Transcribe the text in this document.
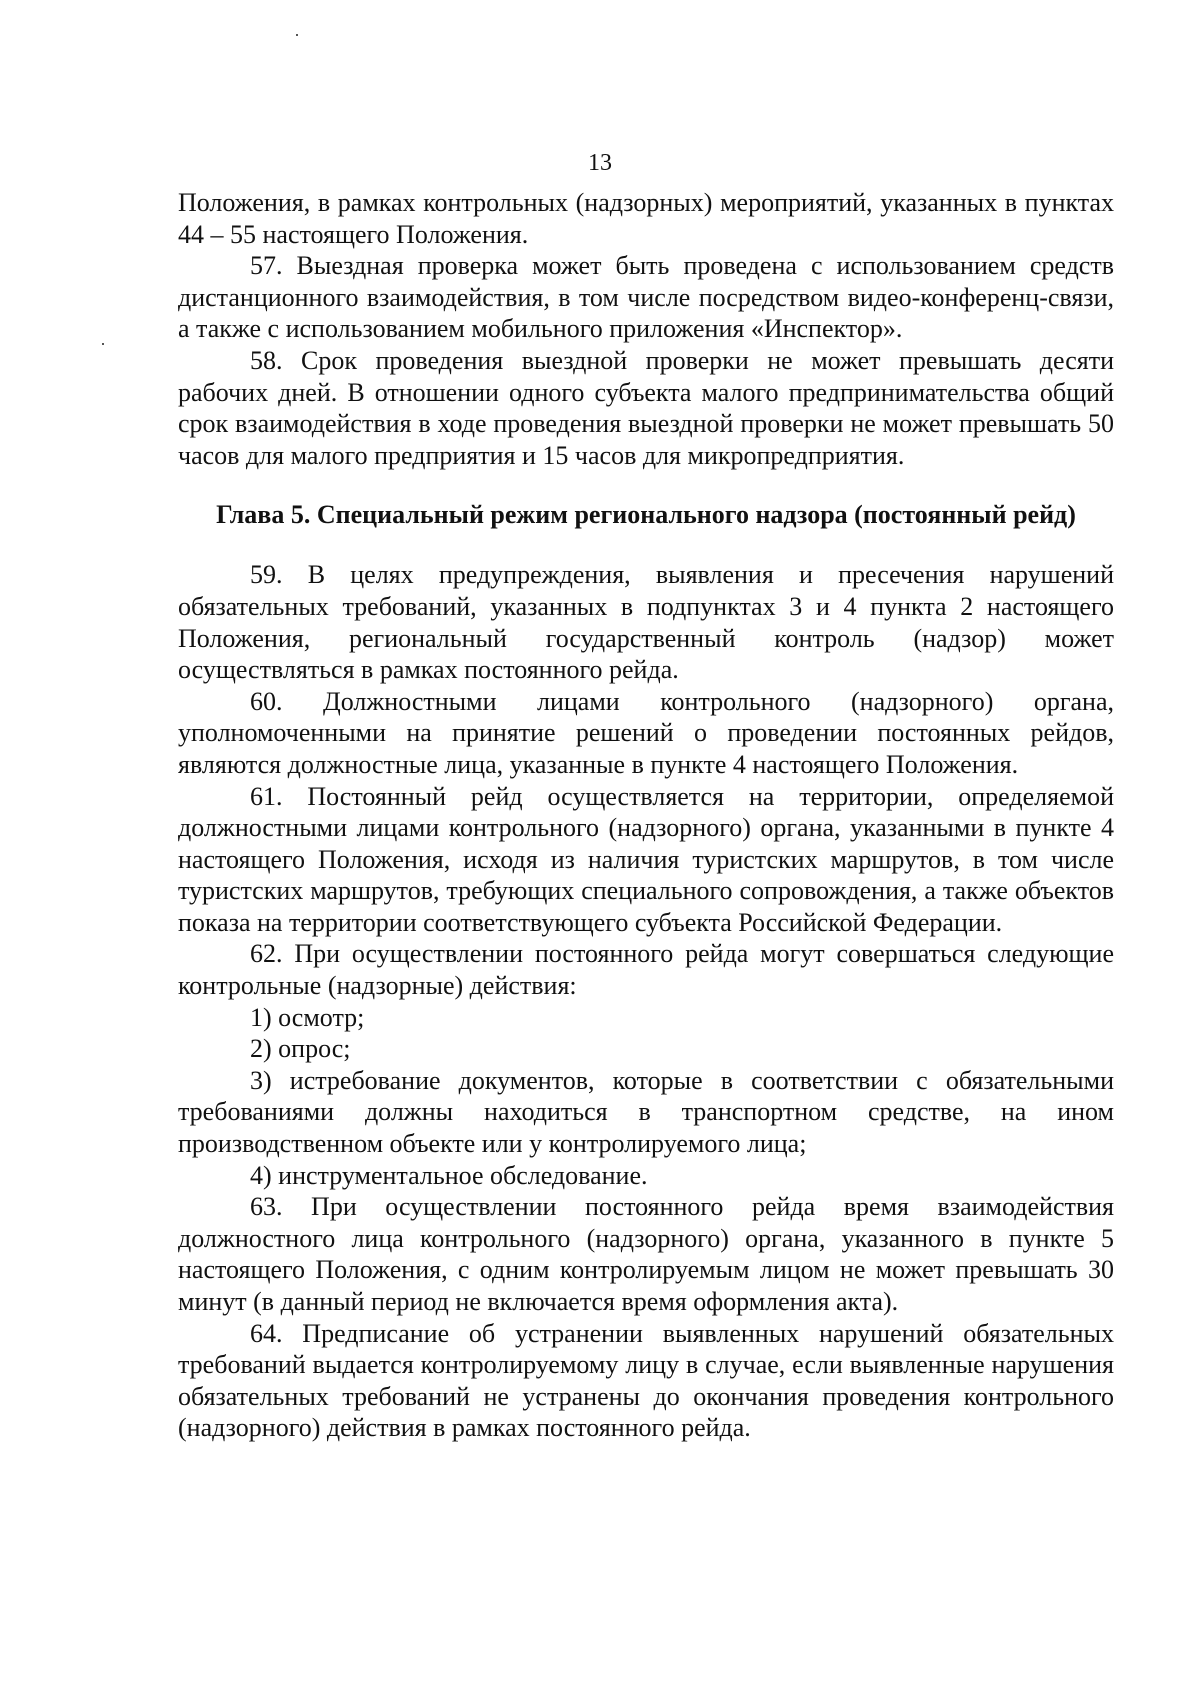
13

Положения, в рамках контрольных (надзорных) мероприятий, указанных в пунктах 44 – 55 настоящего Положения.

57. Выездная проверка может быть проведена с использованием средств дистанционного взаимодействия, в том числе посредством видео-конференц-связи, а также с использованием мобильного приложения «Инспектор».

58. Срок проведения выездной проверки не может превышать десяти рабочих дней. В отношении одного субъекта малого предпринимательства общий срок взаимодействия в ходе проведения выездной проверки не может превышать 50 часов для малого предприятия и 15 часов для микропредприятия.

Глава 5. Специальный режим регионального надзора (постоянный рейд)

59. В целях предупреждения, выявления и пресечения нарушений обязательных требований, указанных в подпунктах 3 и 4 пункта 2 настоящего Положения, региональный государственный контроль (надзор) может осуществляться в рамках постоянного рейда.

60. Должностными лицами контрольного (надзорного) органа, уполномоченными на принятие решений о проведении постоянных рейдов, являются должностные лица, указанные в пункте 4 настоящего Положения.

61. Постоянный рейд осуществляется на территории, определяемой должностными лицами контрольного (надзорного) органа, указанными в пункте 4 настоящего Положения, исходя из наличия туристских маршрутов, в том числе туристских маршрутов, требующих специального сопровождения, а также объектов показа на территории соответствующего субъекта Российской Федерации.

62. При осуществлении постоянного рейда могут совершаться следующие контрольные (надзорные) действия:

1) осмотр;

2) опрос;

3) истребование документов, которые в соответствии с обязательными требованиями должны находиться в транспортном средстве, на ином производственном объекте или у контролируемого лица;

4) инструментальное обследование.

63. При осуществлении постоянного рейда время взаимодействия должностного лица контрольного (надзорного) органа, указанного в пункте 5 настоящего Положения, с одним контролируемым лицом не может превышать 30 минут (в данный период не включается время оформления акта).

64. Предписание об устранении выявленных нарушений обязательных требований выдается контролируемому лицу в случае, если выявленные нарушения обязательных требований не устранены до окончания проведения контрольного (надзорного) действия в рамках постоянного рейда.
